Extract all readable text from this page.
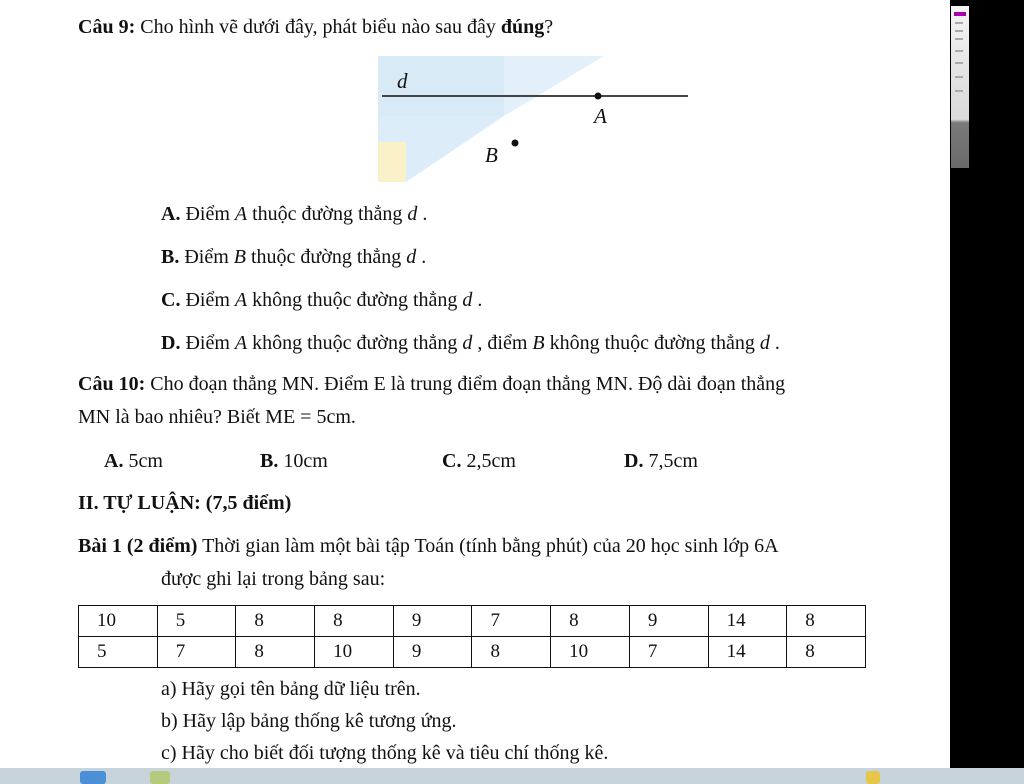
Câu 9: Cho hình vẽ dưới đây, phát biểu nào sau đây đúng?
d
A
B
A. Điểm A thuộc đường thẳng d .
B. Điểm B thuộc đường thẳng d .
C. Điểm A không thuộc đường thẳng d .
D. Điểm A không thuộc đường thẳng d , điểm B không thuộc đường thẳng d .
Câu 10: Cho đoạn thẳng MN. Điểm E là trung điểm đoạn thẳng MN. Độ dài đoạn thẳng
MN là bao nhiêu? Biết ME = 5cm.
A. 5cm	B. 10cm	C. 2,5cm	D. 7,5cm
II. TỰ LUẬN: (7,5 điểm)
Bài 1 (2 điểm) Thời gian làm một bài tập Toán (tính bằng phút) của 20 học sinh lớp 6A
được ghi lại trong bảng sau:
10	5	8	8	9	7	8	9	14	8
5	7	8	10	9	8	10	7	14	8
a) Hãy gọi tên bảng dữ liệu trên.
b) Hãy lập bảng thống kê tương ứng.
c) Hãy cho biết đối tượng thống kê và tiêu chí thống kê.
